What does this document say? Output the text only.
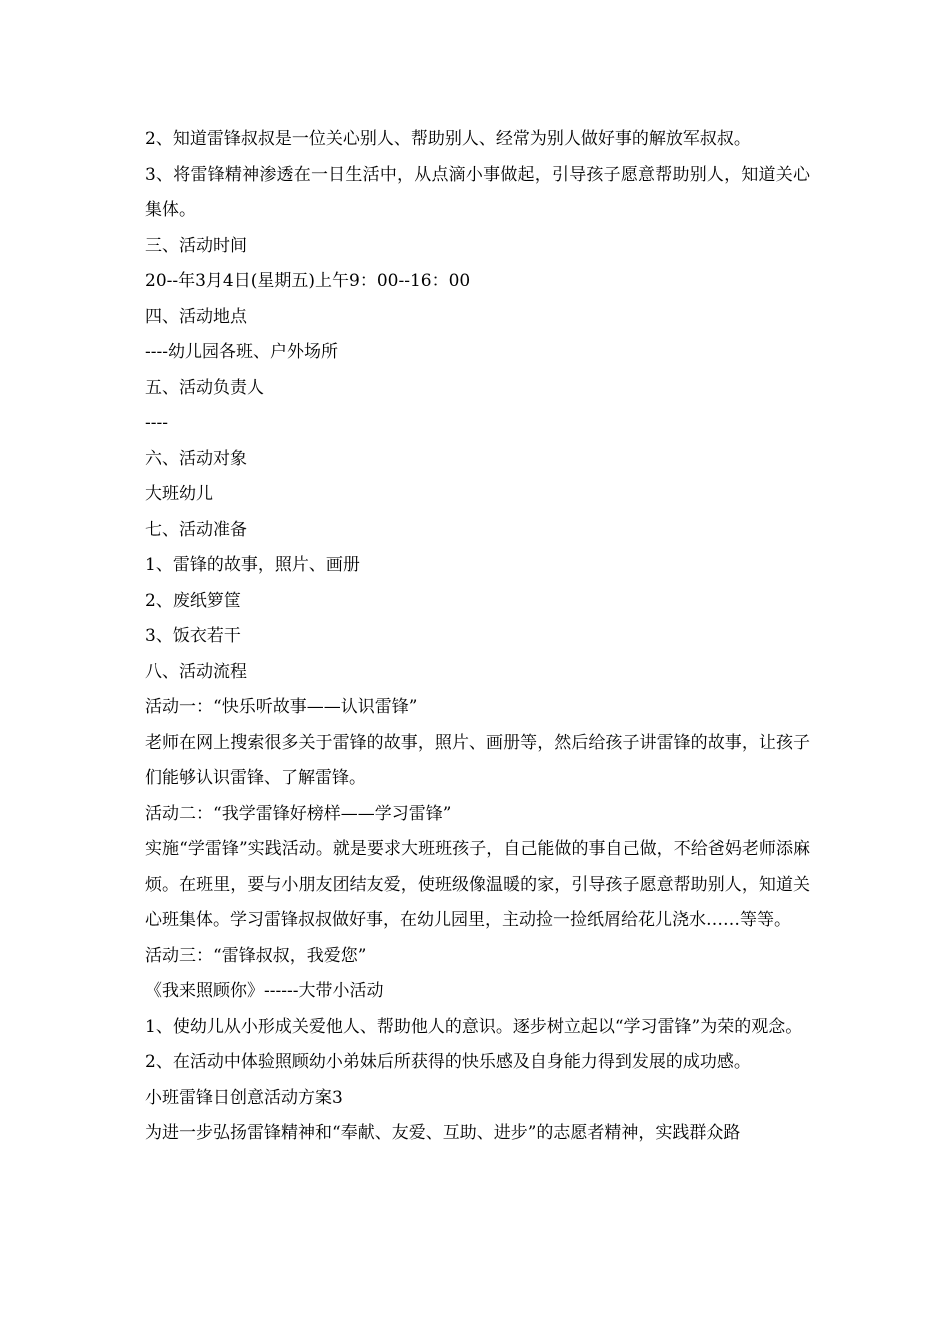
2、知道雷锋叔叔是一位关心别人、帮助别人、经常为别人做好事的解放军叔叔。

3、将雷锋精神渗透在一日生活中，从点滴小事做起，引导孩子愿意帮助别人，知道关心集体。

三、活动时间

20--年3月4日(星期五)上午9：00--16：00

四、活动地点

----幼儿园各班、户外场所

五、活动负责人

----

六、活动对象

大班幼儿

七、活动准备

1、雷锋的故事，照片、画册

2、废纸箩筐

3、饭衣若干

八、活动流程

活动一：“快乐听故事——认识雷锋”

老师在网上搜索很多关于雷锋的故事，照片、画册等，然后给孩子讲雷锋的故事，让孩子们能够认识雷锋、了解雷锋。

活动二：“我学雷锋好榜样——学习雷锋”

实施“学雷锋”实践活动。就是要求大班班孩子，自己能做的事自己做，不给爸妈老师添麻烦。在班里，要与小朋友团结友爱，使班级像温暖的家，引导孩子愿意帮助别人，知道关心班集体。学习雷锋叔叔做好事，在幼儿园里，主动捡一捡纸屑给花儿浇水……等等。

活动三：“雷锋叔叔，我爱您”

《我来照顾你》------大带小活动

1、使幼儿从小形成关爱他人、帮助他人的意识。逐步树立起以“学习雷锋”为荣的观念。

2、在活动中体验照顾幼小弟妹后所获得的快乐感及自身能力得到发展的成功感。

小班雷锋日创意活动方案3

为进一步弘扬雷锋精神和“奉献、友爱、互助、进步”的志愿者精神，实践群众路
